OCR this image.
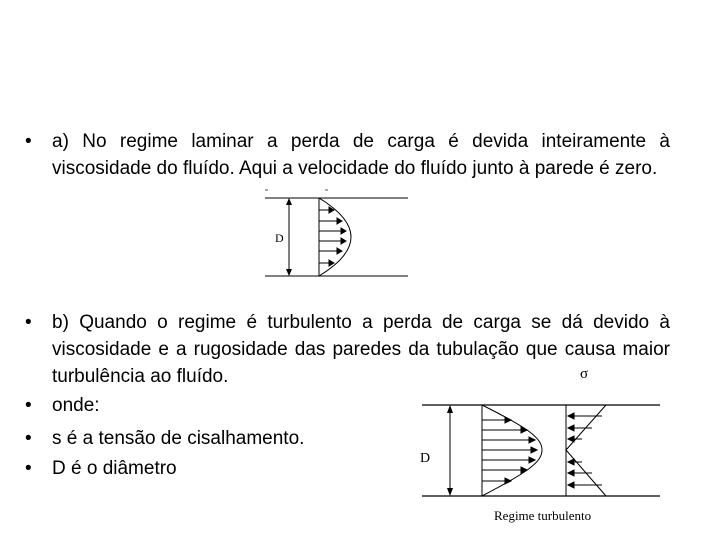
•	a) No regime laminar a perda de carga é devida inteiramente à viscosidade do fluído. Aqui a velocidade do fluído junto à parede é zero.
D
•	b) Quando o regime é turbulento a perda de carga se dá devido à viscosidade e a rugosidade das paredes da tubulação que causa maior turbulência ao fluído.
•	onde:
•	s é a tensão de cisalhamento.
•	D é o diâmetro
σ
D
Regime turbulento
